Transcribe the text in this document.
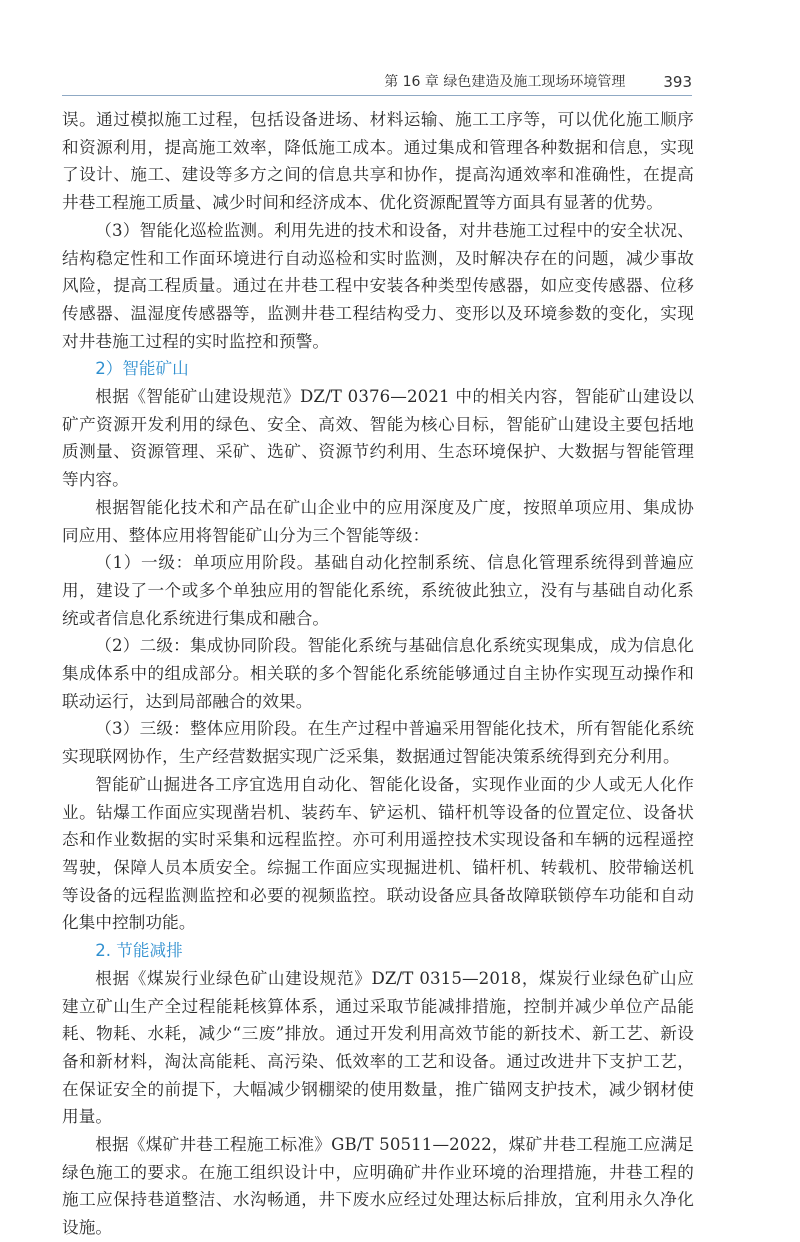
第 16 章 绿色建造及施工现场环境管理	393

误。通过模拟施工过程，包括设备进场、材料运输、施工工序等，可以优化施工顺序和资源利用，提高施工效率，降低施工成本。通过集成和管理各种数据和信息，实现了设计、施工、建设等多方之间的信息共享和协作，提高沟通效率和准确性，在提高井巷工程施工质量、减少时间和经济成本、优化资源配置等方面具有显著的优势。

（3）智能化巡检监测。利用先进的技术和设备，对井巷施工过程中的安全状况、结构稳定性和工作面环境进行自动巡检和实时监测，及时解决存在的问题，减少事故风险，提高工程质量。通过在井巷工程中安装各种类型传感器，如应变传感器、位移传感器、温湿度传感器等，监测井巷工程结构受力、变形以及环境参数的变化，实现对井巷施工过程的实时监控和预警。

2）智能矿山

根据《智能矿山建设规范》DZ/T 0376—2021 中的相关内容，智能矿山建设以矿产资源开发利用的绿色、安全、高效、智能为核心目标，智能矿山建设主要包括地质测量、资源管理、采矿、选矿、资源节约利用、生态环境保护、大数据与智能管理等内容。

根据智能化技术和产品在矿山企业中的应用深度及广度，按照单项应用、集成协同应用、整体应用将智能矿山分为三个智能等级：

（1）一级：单项应用阶段。基础自动化控制系统、信息化管理系统得到普遍应用，建设了一个或多个单独应用的智能化系统，系统彼此独立，没有与基础自动化系统或者信息化系统进行集成和融合。

（2）二级：集成协同阶段。智能化系统与基础信息化系统实现集成，成为信息化集成体系中的组成部分。相关联的多个智能化系统能够通过自主协作实现互动操作和联动运行，达到局部融合的效果。

（3）三级：整体应用阶段。在生产过程中普遍采用智能化技术，所有智能化系统实现联网协作，生产经营数据实现广泛采集，数据通过智能决策系统得到充分利用。

智能矿山掘进各工序宜选用自动化、智能化设备，实现作业面的少人或无人化作业。钻爆工作面应实现凿岩机、装药车、铲运机、锚杆机等设备的位置定位、设备状态和作业数据的实时采集和远程监控。亦可利用遥控技术实现设备和车辆的远程遥控驾驶，保障人员本质安全。综掘工作面应实现掘进机、锚杆机、转载机、胶带输送机等设备的远程监测监控和必要的视频监控。联动设备应具备故障联锁停车功能和自动化集中控制功能。

2. 节能减排

根据《煤炭行业绿色矿山建设规范》DZ/T 0315—2018，煤炭行业绿色矿山应建立矿山生产全过程能耗核算体系，通过采取节能减排措施，控制并减少单位产品能耗、物耗、水耗，减少“三废”排放。通过开发利用高效节能的新技术、新工艺、新设备和新材料，淘汰高能耗、高污染、低效率的工艺和设备。通过改进井下支护工艺，在保证安全的前提下，大幅减少钢棚梁的使用数量，推广锚网支护技术，减少钢材使用量。

根据《煤矿井巷工程施工标准》GB/T 50511—2022，煤矿井巷工程施工应满足绿色施工的要求。在施工组织设计中，应明确矿井作业环境的治理措施，井巷工程的施工应保持巷道整洁、水沟畅通，井下废水应经过处理达标后排放，宜利用永久净化设施。
